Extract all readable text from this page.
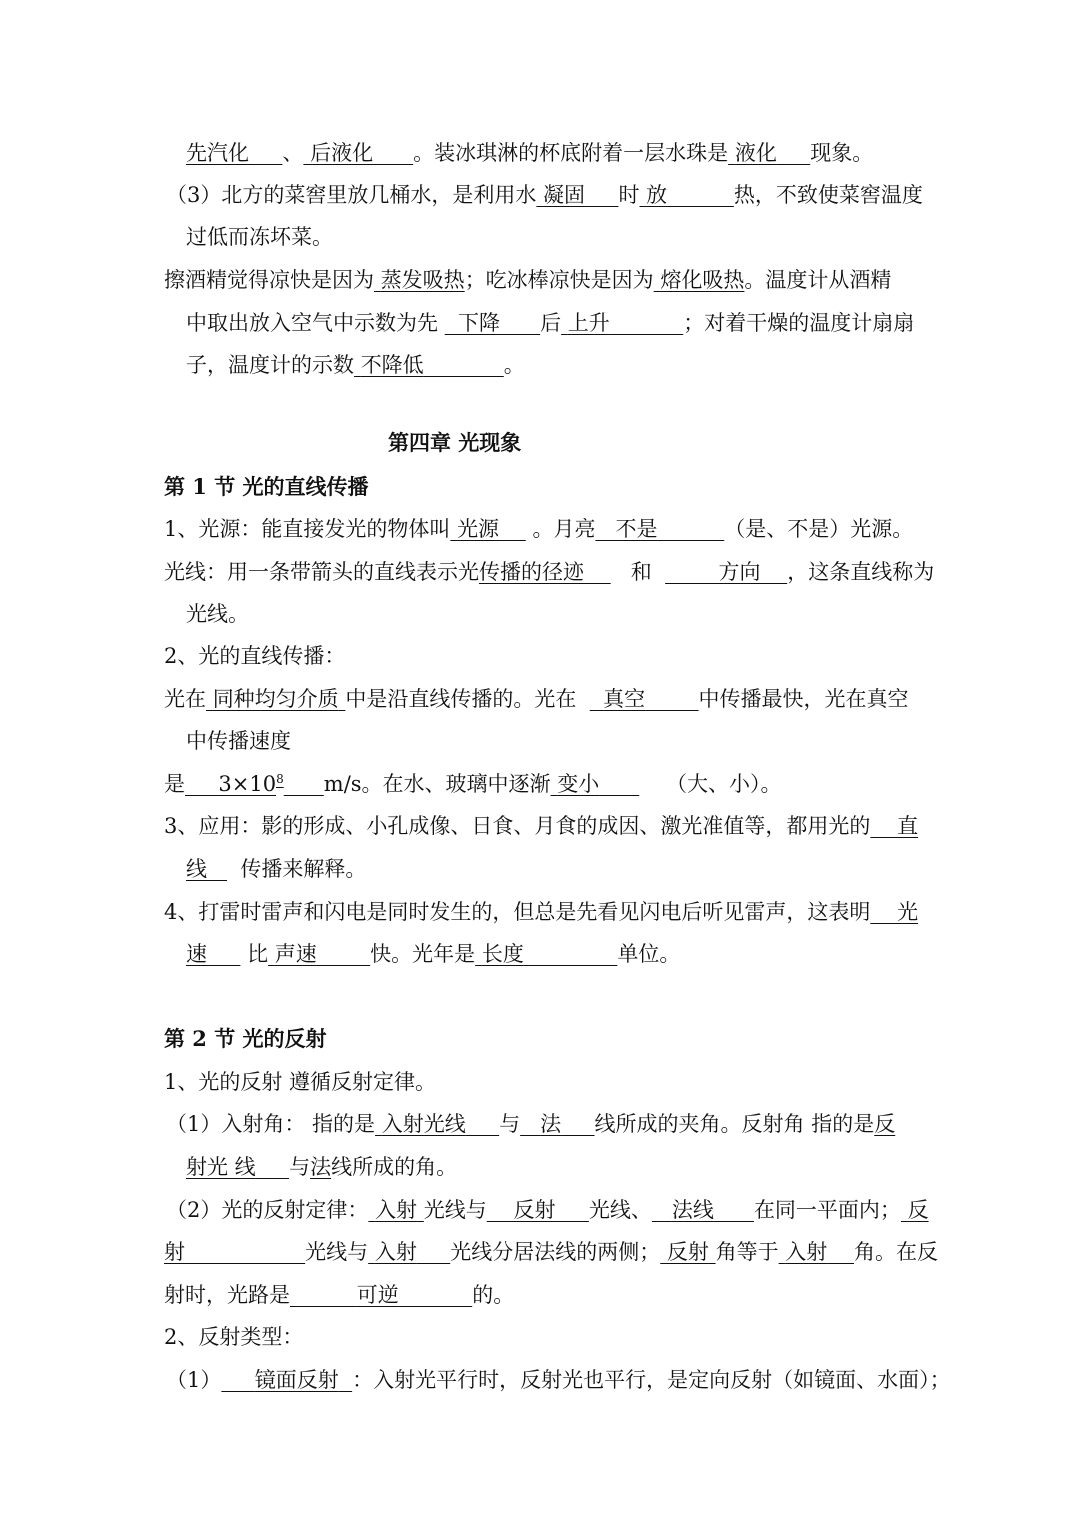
先汽化 、 后液化 。装冰琪淋的杯底附着一层水珠是 液化 现象。
（3）北方的菜窖里放几桶水，是利用水 凝固 时 放	热，不致使菜窖温度
过低而冻坏菜。
擦酒精觉得凉快是因为 蒸发吸热；吃冰棒凉快是因为 熔化吸热。温度计从酒精
中取出放入空气中示数为先 下降 后 上升	；对着干燥的温度计扇扇
子，温度计的示数 不降低	。
第四章 光现象
第 1 节 光的直线传播
1、光源：能直接发光的物体叫 光源 。月亮 不是	（是、不是）光源。
光线：用一条带箭头的直线表示光传播的径迹 和	方向 ，这条直线称为
光线。
2、光的直线传播：
光在 同种均匀介质 中是沿直线传播的。光在 真空	中传播最快，光在真空
中传播速度
是 $3\times 10^8$ m/s。在水、玻璃中逐渐 变小	（大、小）。
3、应用：影的形成、小孔成像、日食、月食的成因、激光准值等，都用光的 直
线 传播来解释。
4、打雷时雷声和闪电是同时发生的，但总是先看见闪电后听见雷声，这表明 光
速 比 声速	快。光年是 长度	单位。
第 2 节 光的反射
1、光的反射 遵循反射定律。
（1）入射角： 指的是 入射光线 与 法 线所成的夹角。反射角 指的是反
射光 线 与法线所成的角。
（2）光的反射定律： 入射 光线与 反射 光线、 法线 在同一平面内； 反
射	光线与 入射 光线分居法线的两侧； 反射 角等于 入射 角。在反
射时，光路是	可逆	的。
2、反射类型：
（1） 镜面反射 ：入射光平行时，反射光也平行，是定向反射（如镜面、水面）；
